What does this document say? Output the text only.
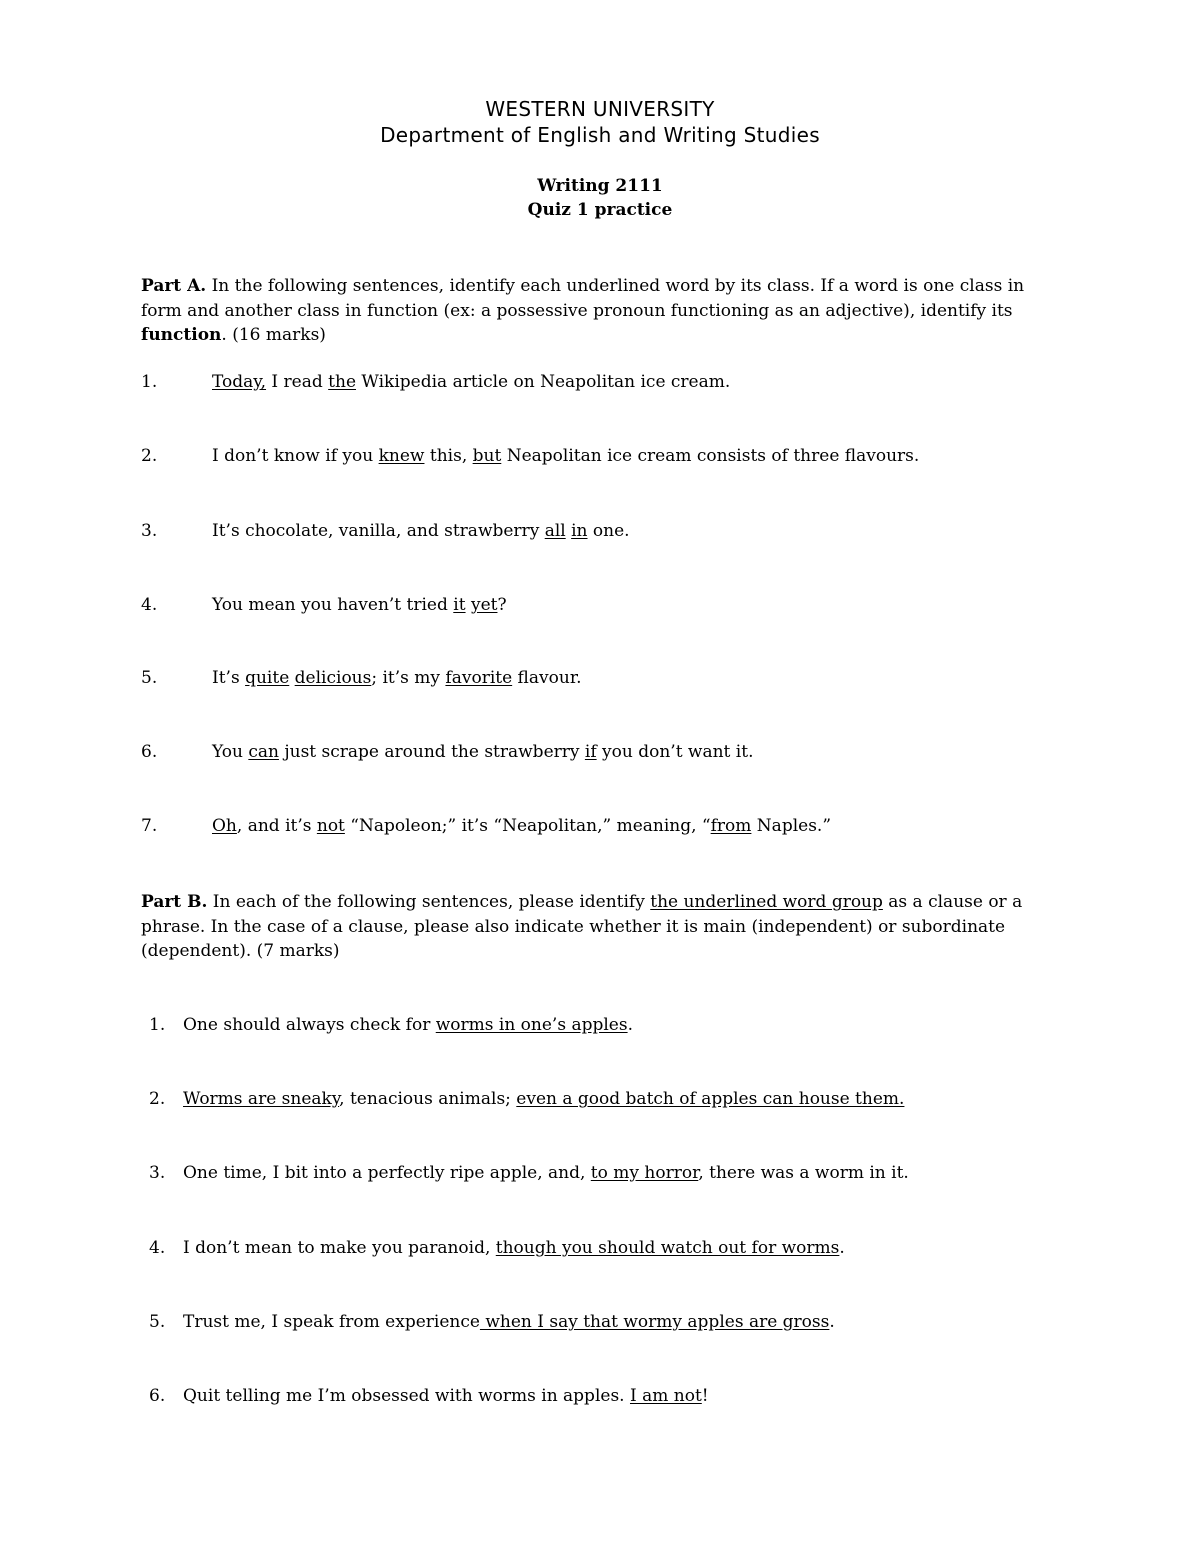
WESTERN UNIVERSITY
Department of English and Writing Studies
Writing 2111
Quiz 1 practice
Part A. In the following sentences, identify each underlined word by its class. If a word is one class in form and another class in function (ex: a possessive pronoun functioning as an adjective), identify its function. (16 marks)
1.	Today, I read the Wikipedia article on Neapolitan ice cream.
2.	I don’t know if you knew this, but Neapolitan ice cream consists of three flavours.
3.	It’s chocolate, vanilla, and strawberry all in one.
4.	You mean you haven’t tried it yet?
5.	It’s quite delicious; it’s my favorite flavour.
6.	You can just scrape around the strawberry if you don’t want it.
7.	Oh, and it’s not “Napoleon;” it’s “Neapolitan,” meaning, “from Naples.”
Part B. In each of the following sentences, please identify the underlined word group as a clause or a phrase. In the case of a clause, please also indicate whether it is main (independent) or subordinate (dependent). (7 marks)
1. One should always check for worms in one’s apples.
2. Worms are sneaky, tenacious animals; even a good batch of apples can house them.
3. One time, I bit into a perfectly ripe apple, and, to my horror, there was a worm in it.
4. I don’t mean to make you paranoid, though you should watch out for worms.
5. Trust me, I speak from experience when I say that wormy apples are gross.
6. Quit telling me I’m obsessed with worms in apples. I am not!
